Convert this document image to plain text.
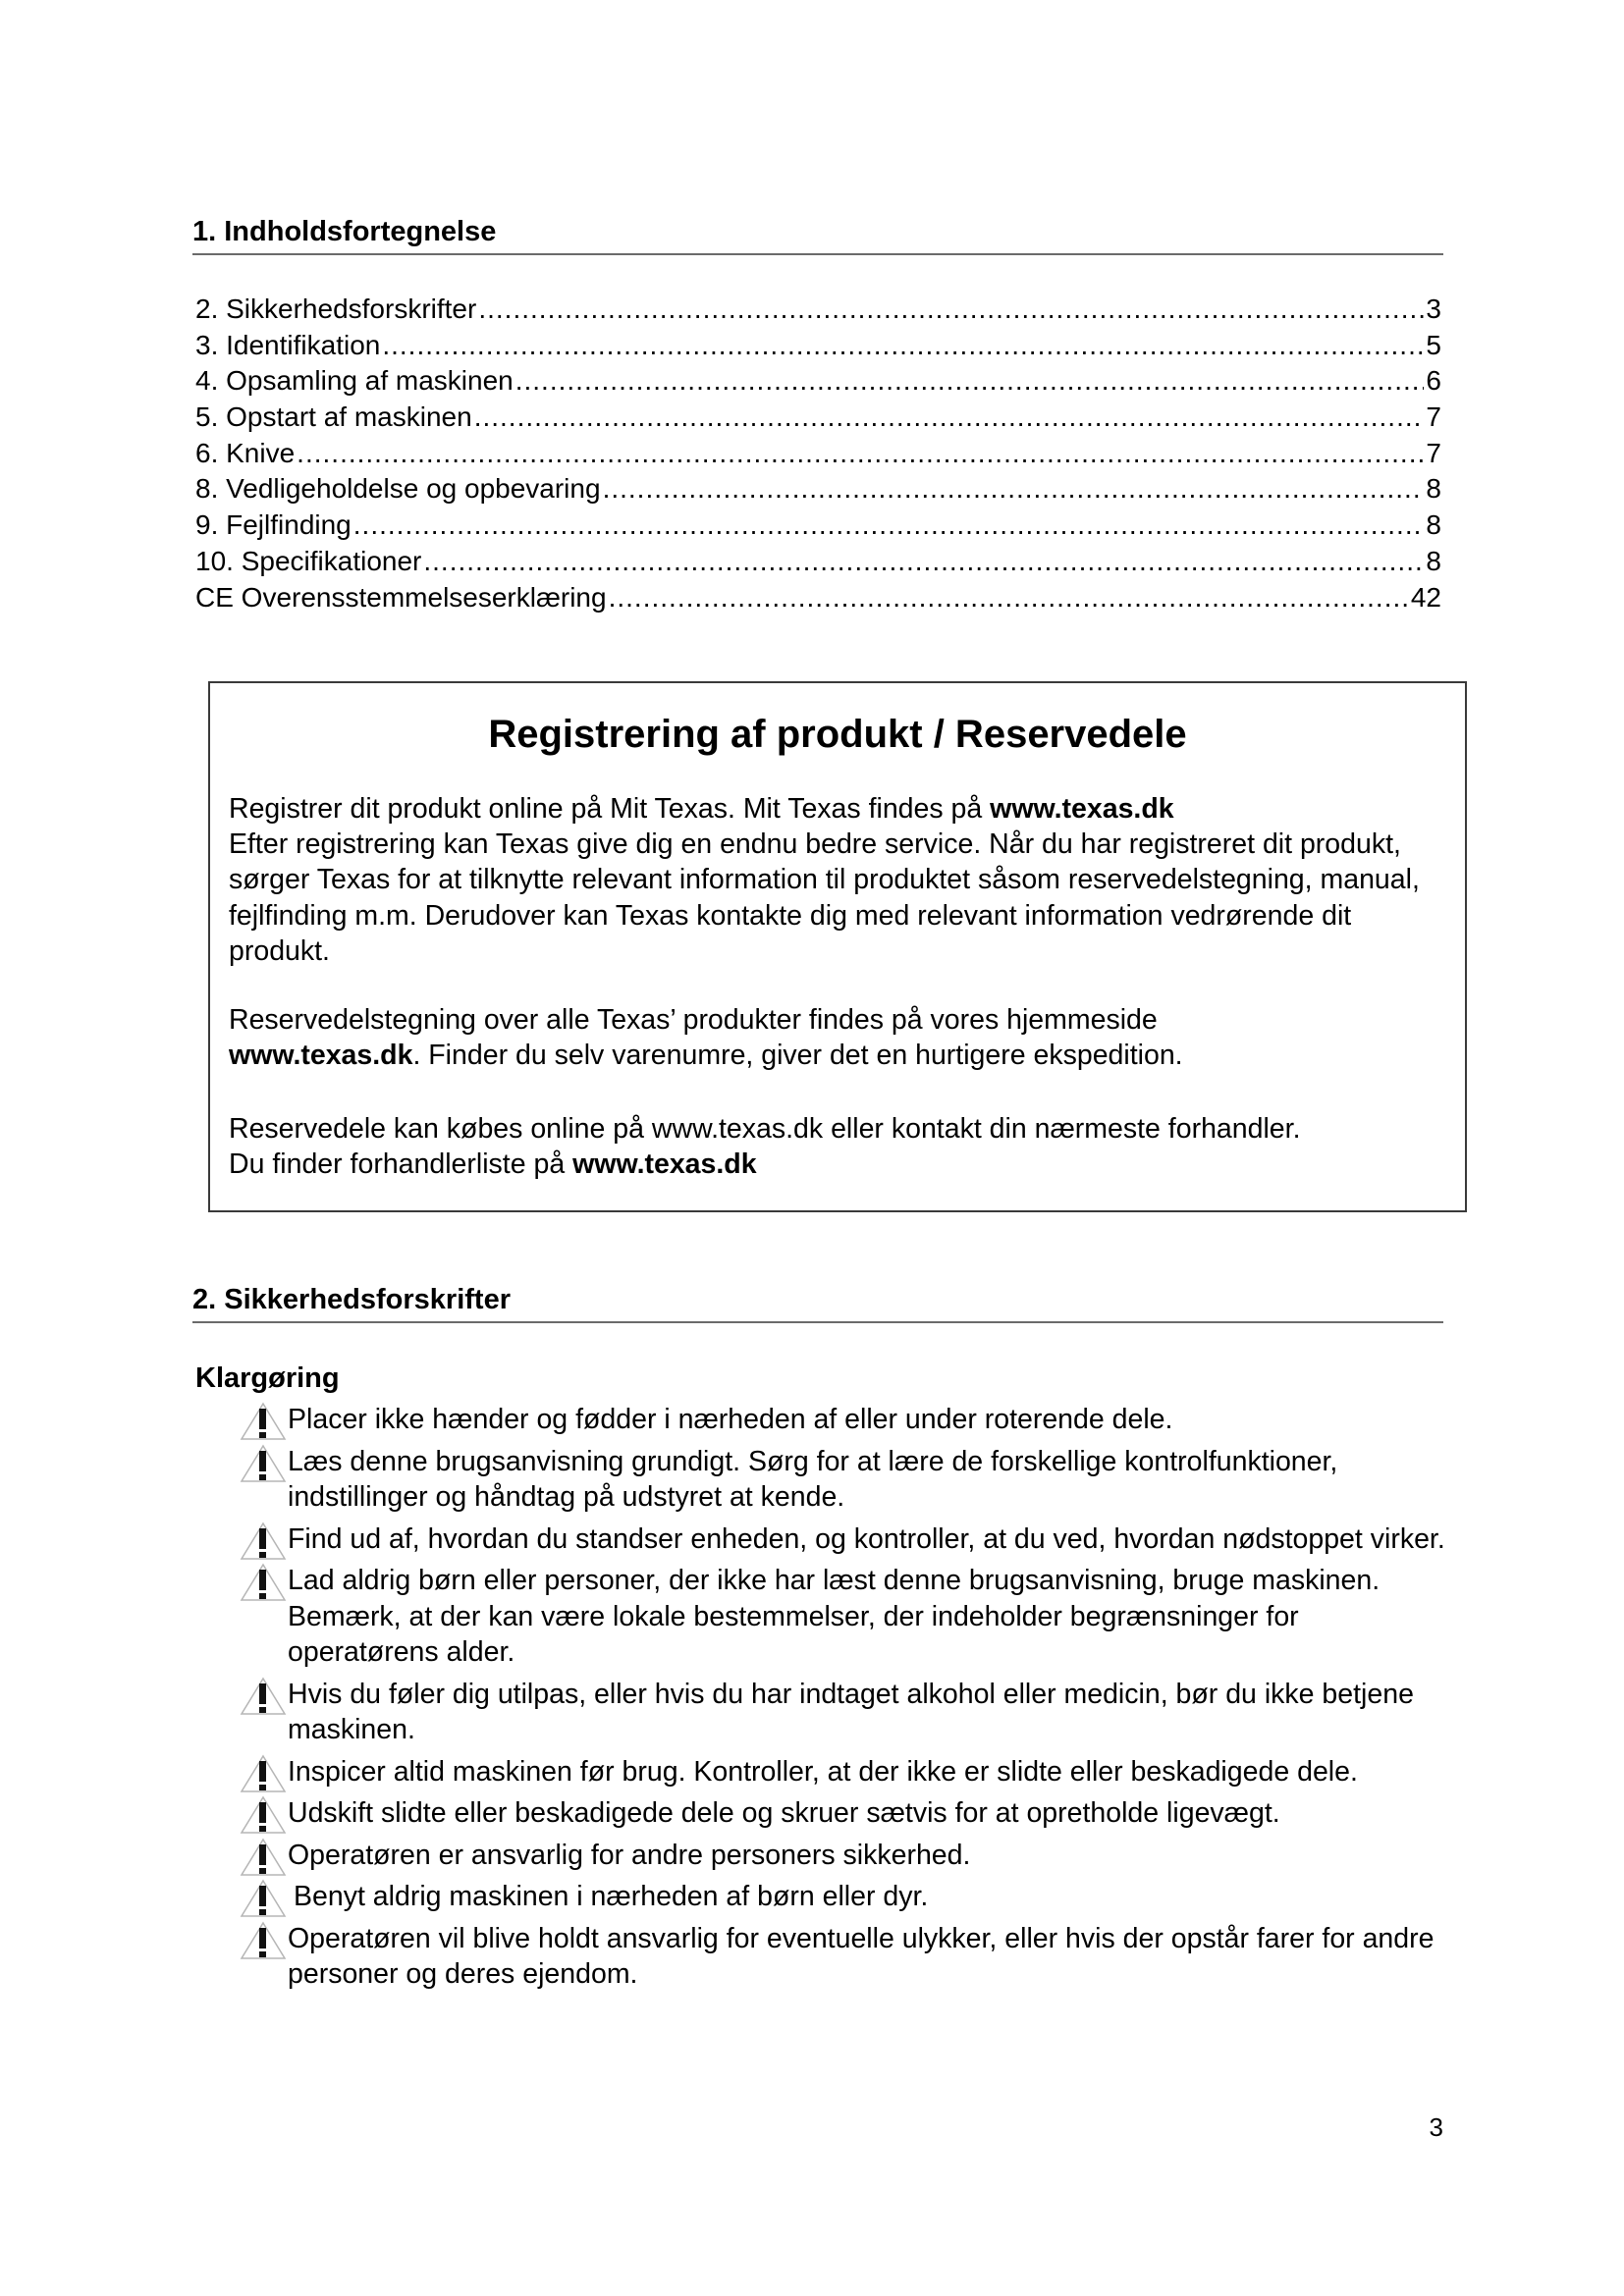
1. Indholdsfortegnelse
2. Sikkerhedsforskrifter .....	3
3. Identifikation .....	5
4. Opsamling af maskinen .....	6
5. Opstart af maskinen .....	7
6. Knive .....	7
8. Vedligeholdelse og opbevaring .....	8
9. Fejlfinding .....	8
10. Specifikationer .....	8
CE Overensstemmelseserklæring .....	42
Registrering af produkt / Reservedele
Registrer dit produkt online på Mit Texas. Mit Texas findes på www.texas.dk
Efter registrering kan Texas give dig en endnu bedre service. Når du har registreret dit produkt, sørger Texas for at tilknytte relevant information til produktet såsom reservedelstegning, manual, fejlfinding m.m. Derudover kan Texas kontakte dig med relevant information vedrørende dit produkt.
Reservedelstegning over alle Texas’ produkter findes på vores hjemmeside
www.texas.dk. Finder du selv varenumre, giver det en hurtigere ekspedition.
Reservedele kan købes online på www.texas.dk eller kontakt din nærmeste forhandler.
Du finder forhandlerliste på www.texas.dk
2. Sikkerhedsforskrifter
Klargøring
Placer ikke hænder og fødder i nærheden af eller under roterende dele.
Læs denne brugsanvisning grundigt. Sørg for at lære de forskellige kontrolfunktioner, indstillinger og håndtag på udstyret at kende.
Find ud af, hvordan du standser enheden, og kontroller, at du ved, hvordan nødstoppet virker.
Lad aldrig børn eller personer, der ikke har læst denne brugsanvisning, bruge maskinen. Bemærk, at der kan være lokale bestemmelser, der indeholder begrænsninger for operatørens alder.
Hvis du føler dig utilpas, eller hvis du har indtaget alkohol eller medicin, bør du ikke betjene maskinen.
Inspicer altid maskinen før brug. Kontroller, at der ikke er slidte eller beskadigede dele.
Udskift slidte eller beskadigede dele og skruer sætvis for at opretholde ligevægt.
Operatøren er ansvarlig for andre personers sikkerhed.
Benyt aldrig maskinen i nærheden af børn eller dyr.
Operatøren vil blive holdt ansvarlig for eventuelle ulykker, eller hvis der opstår farer for andre personer og deres ejendom.
3
